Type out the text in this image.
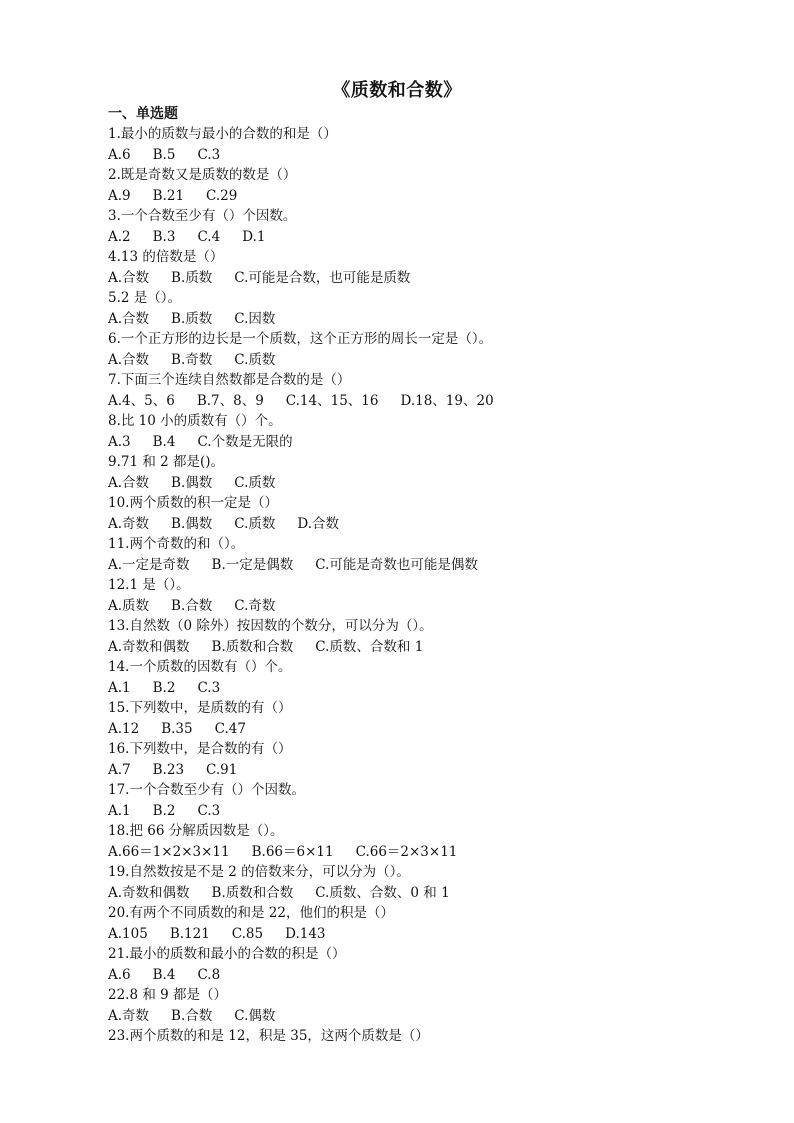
《质数和合数》
一、单选题
1.最小的质数与最小的合数的和是（）
A.6 B.5 C.3
2.既是奇数又是质数的数是（）
A.9 B.21 C.29
3.一个合数至少有（）个因数。
A.2 B.3 C.4 D.1
4.13 的倍数是（）
A.合数 B.质数 C.可能是合数，也可能是质数
5.2 是（）。
A.合数 B.质数 C.因数
6.一个正方形的边长是一个质数，这个正方形的周长一定是（）。
A.合数 B.奇数 C.质数
7.下面三个连续自然数都是合数的是（）
A.4、5、6 B.7、8、9 C.14、15、16 D.18、19、20
8.比 10 小的质数有（）个。
A.3 B.4 C.个数是无限的
9.71 和 2 都是()。
A.合数 B.偶数 C.质数
10.两个质数的积一定是（）
A.奇数 B.偶数 C.质数 D.合数
11.两个奇数的和（）。
A.一定是奇数 B.一定是偶数 C.可能是奇数也可能是偶数
12.1 是（）。
A.质数 B.合数 C.奇数
13.自然数（0 除外）按因数的个数分，可以分为（）。
A.奇数和偶数 B.质数和合数 C.质数、合数和 1
14.一个质数的因数有（）个。
A.1 B.2 C.3
15.下列数中，是质数的有（）
A.12 B.35 C.47
16.下列数中，是合数的有（）
A.7 B.23 C.91
17.一个合数至少有（）个因数。
A.1 B.2 C.3
18.把 66 分解质因数是（）。
A.66＝1×2×3×11 B.66＝6×11 C.66＝2×3×11
19.自然数按是不是 2 的倍数来分，可以分为（）。
A.奇数和偶数 B.质数和合数 C.质数、合数、0 和 1
20.有两个不同质数的和是 22，他们的积是（）
A.105 B.121 C.85 D.143
21.最小的质数和最小的合数的积是（）
A.6 B.4 C.8
22.8 和 9 都是（）
A.奇数 B.合数 C.偶数
23.两个质数的和是 12，积是 35，这两个质数是（）
